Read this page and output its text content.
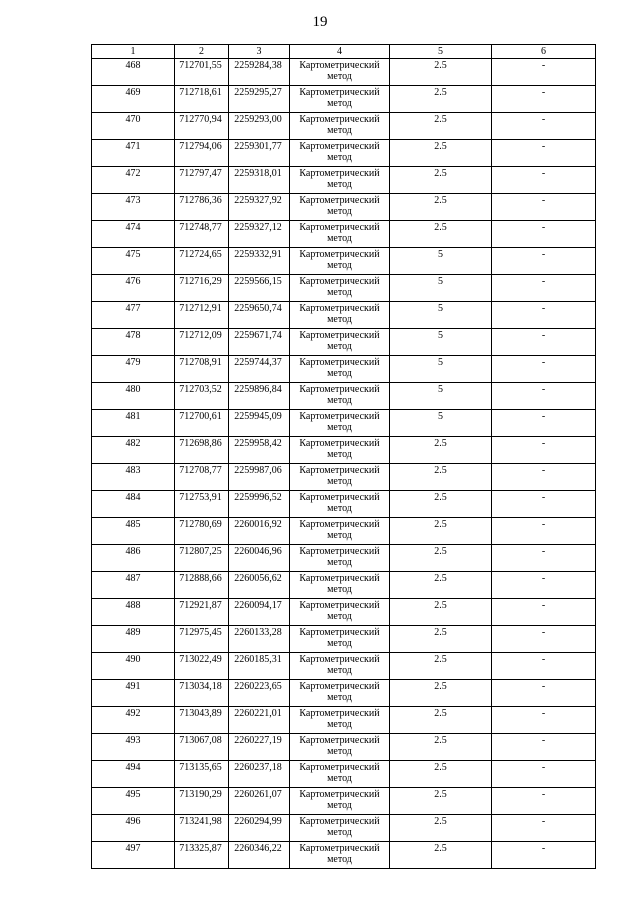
19
1	2	3	4	5	6
468	712701,55	2259284,38	Картометрический метод	2.5	-
469	712718,61	2259295,27	Картометрический метод	2.5	-
470	712770,94	2259293,00	Картометрический метод	2.5	-
471	712794,06	2259301,77	Картометрический метод	2.5	-
472	712797,47	2259318,01	Картометрический метод	2.5	-
473	712786,36	2259327,92	Картометрический метод	2.5	-
474	712748,77	2259327,12	Картометрический метод	2.5	-
475	712724,65	2259332,91	Картометрический метод	5	-
476	712716,29	2259566,15	Картометрический метод	5	-
477	712712,91	2259650,74	Картометрический метод	5	-
478	712712,09	2259671,74	Картометрический метод	5	-
479	712708,91	2259744,37	Картометрический метод	5	-
480	712703,52	2259896,84	Картометрический метод	5	-
481	712700,61	2259945,09	Картометрический метод	5	-
482	712698,86	2259958,42	Картометрический метод	2.5	-
483	712708,77	2259987,06	Картометрический метод	2.5	-
484	712753,91	2259996,52	Картометрический метод	2.5	-
485	712780,69	2260016,92	Картометрический метод	2.5	-
486	712807,25	2260046,96	Картометрический метод	2.5	-
487	712888,66	2260056,62	Картометрический метод	2.5	-
488	712921,87	2260094,17	Картометрический метод	2.5	-
489	712975,45	2260133,28	Картометрический метод	2.5	-
490	713022,49	2260185,31	Картометрический метод	2.5	-
491	713034,18	2260223,65	Картометрический метод	2.5	-
492	713043,89	2260221,01	Картометрический метод	2.5	-
493	713067,08	2260227,19	Картометрический метод	2.5	-
494	713135,65	2260237,18	Картометрический метод	2.5	-
495	713190,29	2260261,07	Картометрический метод	2.5	-
496	713241,98	2260294,99	Картометрический метод	2.5	-
497	713325,87	2260346,22	Картометрический метод	2.5	-
